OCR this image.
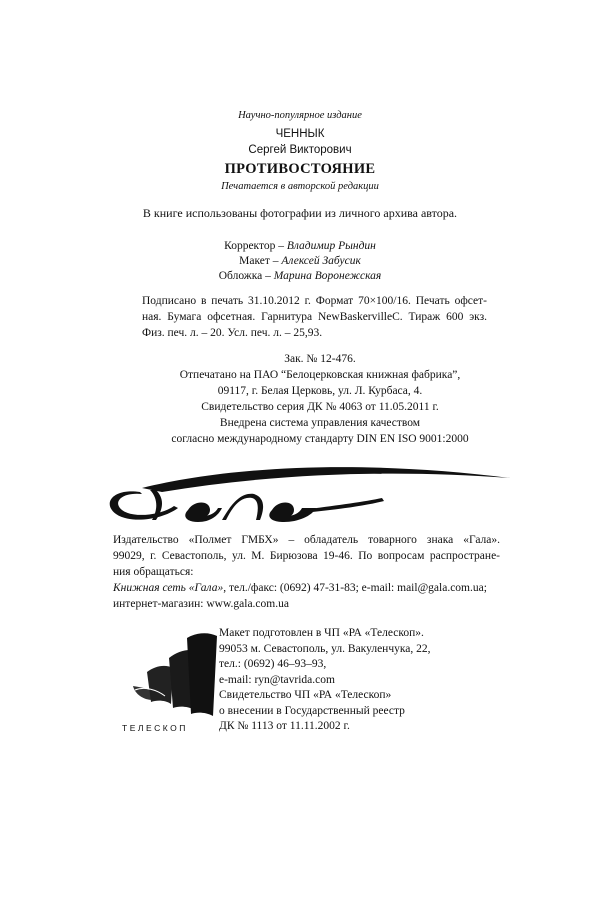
Научно-популярное издание
ЧЕННЫК
Сергей Викторович
ПРОТИВОСТОЯНИЕ
Печатается в авторской редакции
В книге использованы фотографии из личного архива автора.
Корректор – Владимир Рындин
Макет – Алексей Забусик
Обложка – Марина Воронежская
Подписано в печать 31.10.2012 г. Формат 70×100/16. Печать офсет-
ная. Бумага офсетная. Гарнитура NewBaskervilleC. Тираж 600 экз.
Физ. печ. л. – 20. Усл. печ. л. – 25,93.
Зак. № 12-476.
Отпечатано на ПАО “Белоцерковская книжная фабрика”,
09117, г. Белая Церковь, ул. Л. Курбаса, 4.
Свидетельство серия ДК № 4063 от 11.05.2011 г.
Внедрена система управления качеством
согласно международному стандарту DIN EN ISO 9001:2000
Издательство «Полмет ГМБХ» – обладатель товарного знака «Гала».
99029, г. Севастополь, ул. М. Бирюзова 19-46. По вопросам распростране-
ния обращаться:
Книжная сеть «Гала», тел./факс: (0692) 47-31-83; e-mail: mail@gala.com.ua;
интернет-магазин: www.gala.com.ua
ТЕЛЕСКОП
Макет подготовлен в ЧП «РА «Телескоп».
99053 м. Севастополь, ул. Вакуленчука, 22,
тел.: (0692) 46–93–93,
e-mail: ryn@tavrida.com
Свидетельство ЧП «РА «Телескоп»
о внесении в Государственный реестр
ДК № 1113 от 11.11.2002 г.
